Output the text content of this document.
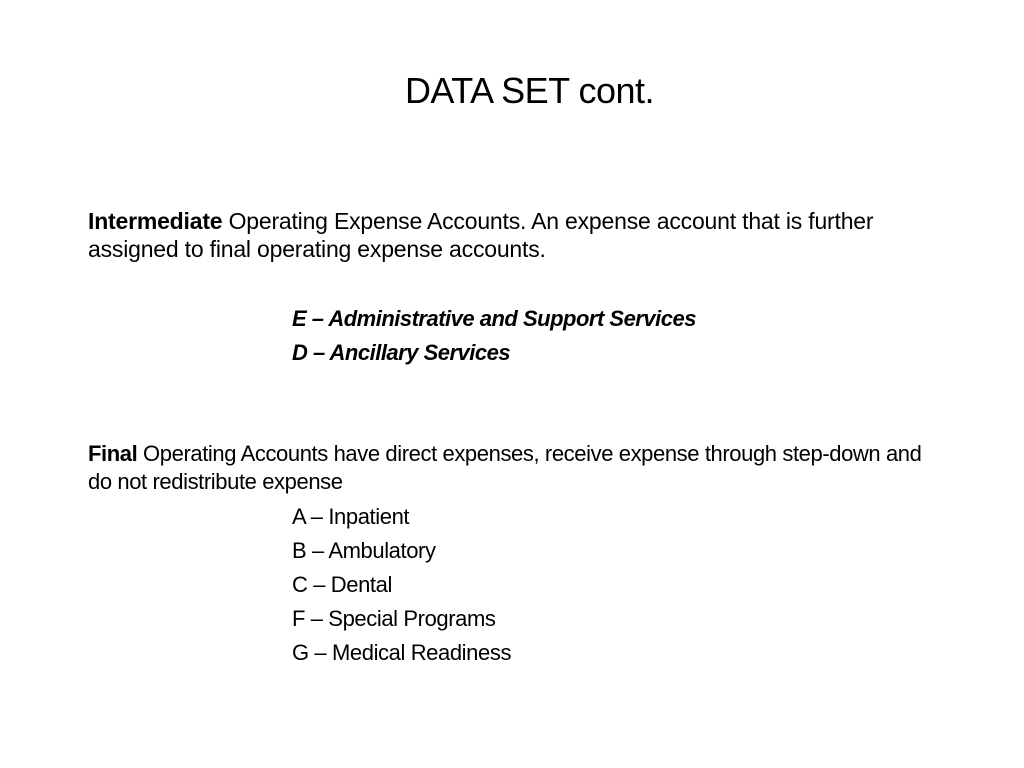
DATA SET cont.

Intermediate Operating Expense Accounts. An expense account that is further assigned to final operating expense accounts.

E – Administrative and Support Services
D – Ancillary Services

Final Operating Accounts have direct expenses, receive expense through step-down and do not redistribute expense

A – Inpatient
B – Ambulatory
C – Dental
F – Special Programs
G – Medical Readiness
